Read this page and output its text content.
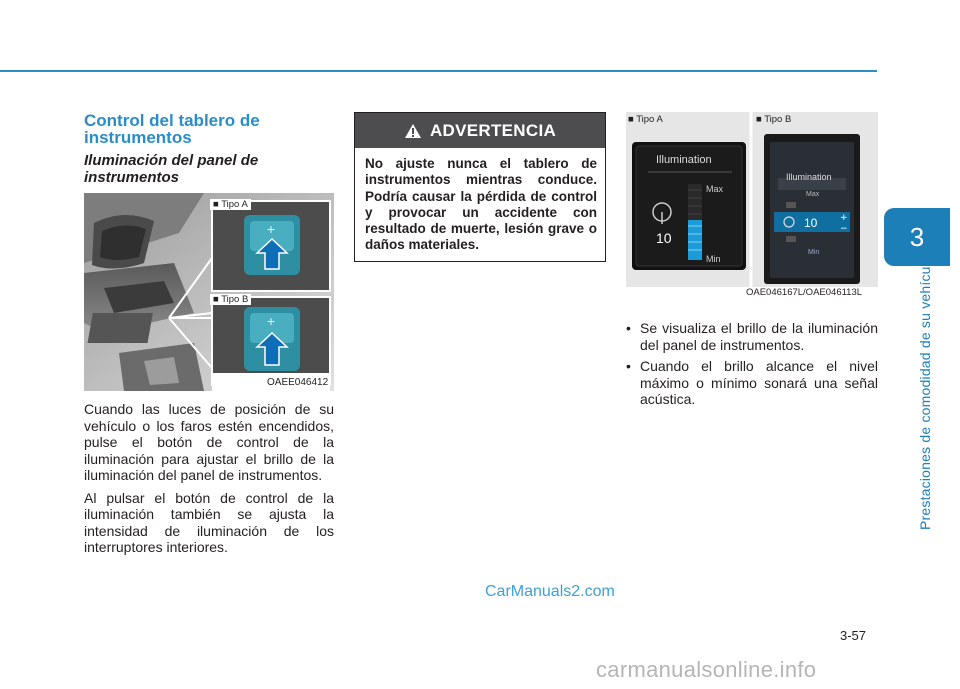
3
Prestaciones de comodidad de su vehículo
Control del tablero de instrumentos
Iluminación del panel de instrumentos
+
+
■ Tipo A
■ Tipo B
OAEE046412

Cuando las luces de posición de su vehículo o los faros estén encendidos, pulse el botón de control de la iluminación para ajustar el brillo de la iluminación del panel de instrumentos.

Al pulsar el botón de control de la iluminación también se ajusta la intensidad de iluminación de los interruptores interiores.

ADVERTENCIA
No ajuste nunca el tablero de instrumentos mientras conduce. Podría causar la pérdida de control y provocar un accidente con resultado de muerte, lesión grave o daños materiales.
+
−
■ Tipo A	■ Tipo B
Illumination
Max
Min
10
Illumination
Max
Min
10
OAE046167L/OAE046113L
• Se visualiza el brillo de la iluminación del panel de instrumentos.
• Cuando el brillo alcance el nivel máximo o mínimo sonará una señal acústica.
3-57
CarManuals2.com
carmanualsonline.info
